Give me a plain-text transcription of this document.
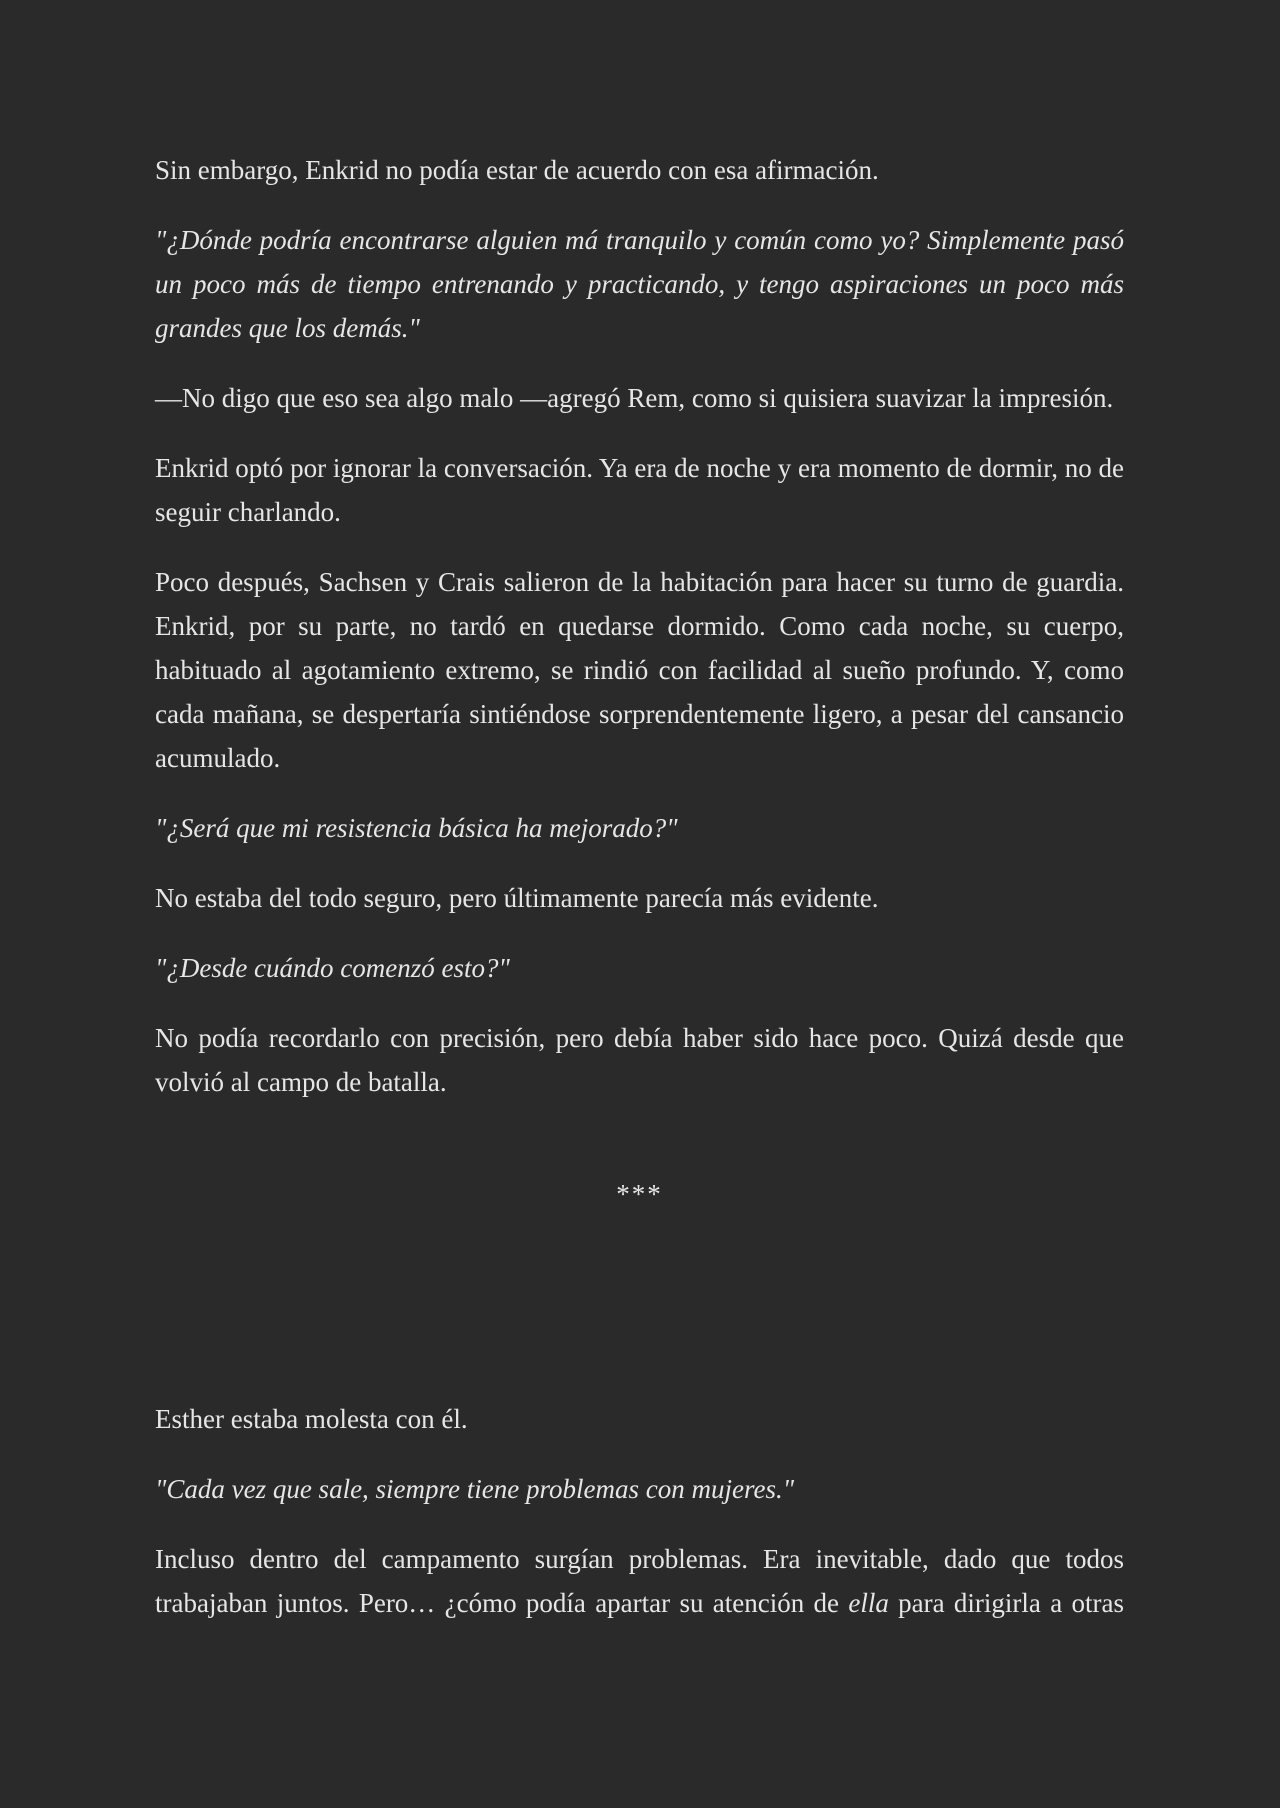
Sin embargo, Enkrid no podía estar de acuerdo con esa afirmación.

"¿Dónde podría encontrarse alguien má tranquilo y común como yo? Simplemente pasó un poco más de tiempo entrenando y practicando, y tengo aspiraciones un poco más grandes que los demás."

—No digo que eso sea algo malo —agregó Rem, como si quisiera suavizar la impresión.

Enkrid optó por ignorar la conversación. Ya era de noche y era momento de dormir, no de seguir charlando.

Poco después, Sachsen y Crais salieron de la habitación para hacer su turno de guardia. Enkrid, por su parte, no tardó en quedarse dormido. Como cada noche, su cuerpo, habituado al agotamiento extremo, se rindió con facilidad al sueño profundo. Y, como cada mañana, se despertaría sintiéndose sorprendentemente ligero, a pesar del cansancio acumulado.

"¿Será que mi resistencia básica ha mejorado?"

No estaba del todo seguro, pero últimamente parecía más evidente.

"¿Desde cuándo comenzó esto?"

No podía recordarlo con precisión, pero debía haber sido hace poco. Quizá desde que volvió al campo de batalla.

***

Esther estaba molesta con él.

"Cada vez que sale, siempre tiene problemas con mujeres."

Incluso dentro del campamento surgían problemas. Era inevitable, dado que todos trabajaban juntos. Pero… ¿cómo podía apartar su atención de ella para dirigirla a otras
